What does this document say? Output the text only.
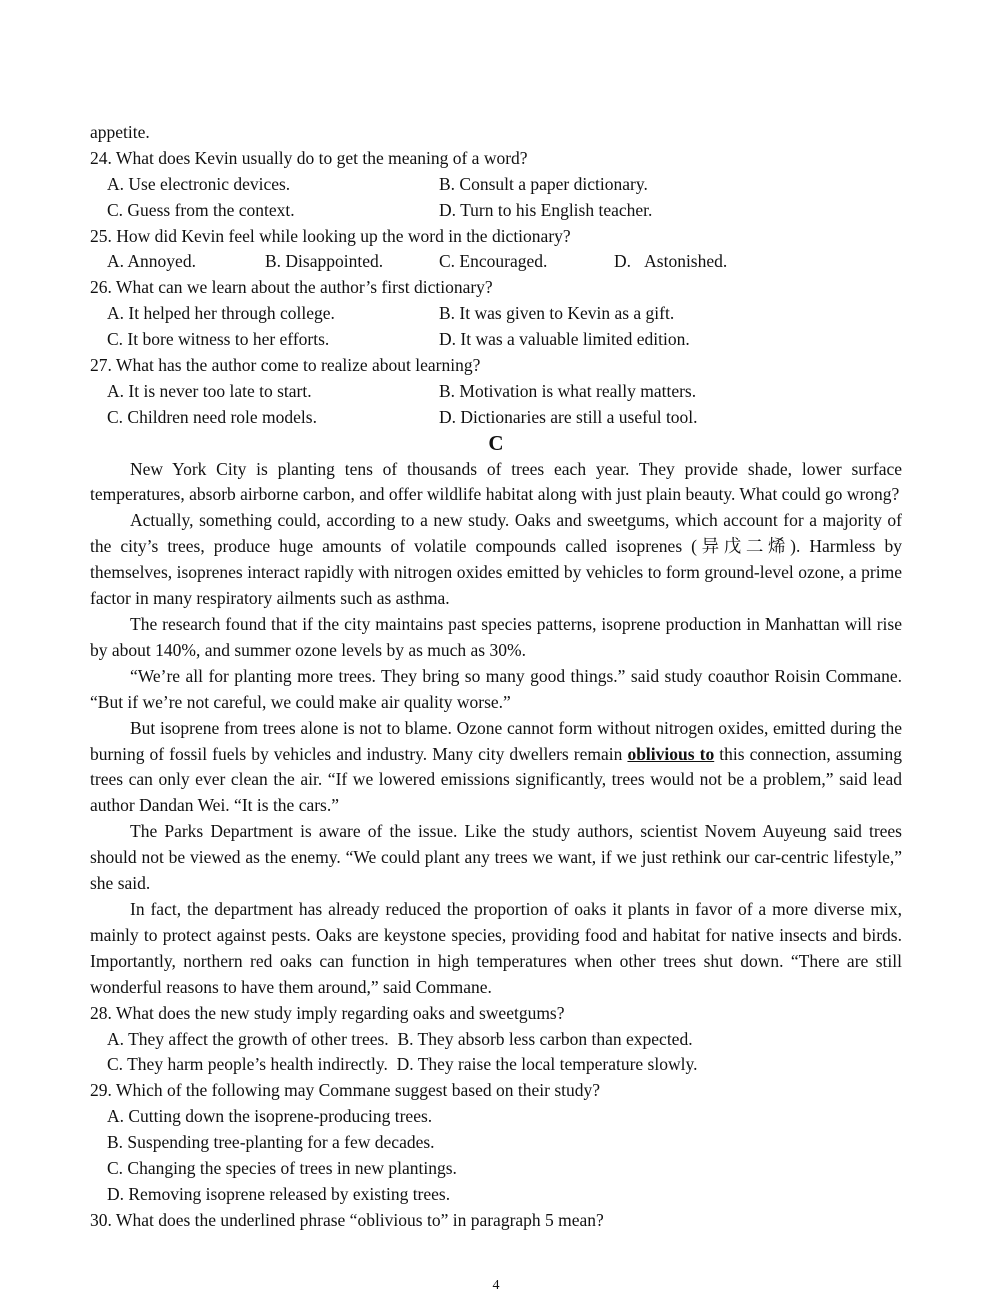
appetite.
24. What does Kevin usually do to get the meaning of a word?
A. Use electronic devices.	B. Consult a paper dictionary.
C. Guess from the context.	D. Turn to his English teacher.
25. How did Kevin feel while looking up the word in the dictionary?
A. Annoyed.	B. Disappointed.	C. Encouraged.	D.   Astonished.
26. What can we learn about the author’s first dictionary?
A. It helped her through college.	B. It was given to Kevin as a gift.
C. It bore witness to her efforts.	D. It was a valuable limited edition.
27. What has the author come to realize about learning?
A. It is never too late to start.	B. Motivation is what really matters.
C. Children need role models.	D. Dictionaries are still a useful tool.
C
New York City is planting tens of thousands of trees each year. They provide shade, lower surface temperatures, absorb airborne carbon, and offer wildlife habitat along with just plain beauty. What could go wrong?
Actually, something could, according to a new study. Oaks and sweetgums, which account for a majority of the city’s trees, produce huge amounts of volatile compounds called isoprenes (异戊二烯). Harmless by themselves, isoprenes interact rapidly with nitrogen oxides emitted by vehicles to form ground-level ozone, a prime factor in many respiratory ailments such as asthma.
The research found that if the city maintains past species patterns, isoprene production in Manhattan will rise by about 140%, and summer ozone levels by as much as 30%.
“We’re all for planting more trees. They bring so many good things.” said study coauthor Roisin Commane. “But if we’re not careful, we could make air quality worse.”
But isoprene from trees alone is not to blame. Ozone cannot form without nitrogen oxides, emitted during the burning of fossil fuels by vehicles and industry. Many city dwellers remain oblivious to this connection, assuming trees can only ever clean the air. “If we lowered emissions significantly, trees would not be a problem,” said lead author Dandan Wei. “It is the cars.”
The Parks Department is aware of the issue. Like the study authors, scientist Novem Auyeung said trees should not be viewed as the enemy. “We could plant any trees we want, if we just rethink our car-centric lifestyle,” she said.
In fact, the department has already reduced the proportion of oaks it plants in favor of a more diverse mix, mainly to protect against pests. Oaks are keystone species, providing food and habitat for native insects and birds. Importantly, northern red oaks can function in high temperatures when other trees shut down. “There are still wonderful reasons to have them around,” said Commane.
28. What does the new study imply regarding oaks and sweetgums?
A. They affect the growth of other trees. B. They absorb less carbon than expected.
C. They harm people’s health indirectly. D. They raise the local temperature slowly.
29. Which of the following may Commane suggest based on their study?
A. Cutting down the isoprene-producing trees.
B. Suspending tree-planting for a few decades.
C. Changing the species of trees in new plantings.
D. Removing isoprene released by existing trees.
30. What does the underlined phrase “oblivious to” in paragraph 5 mean?
4
